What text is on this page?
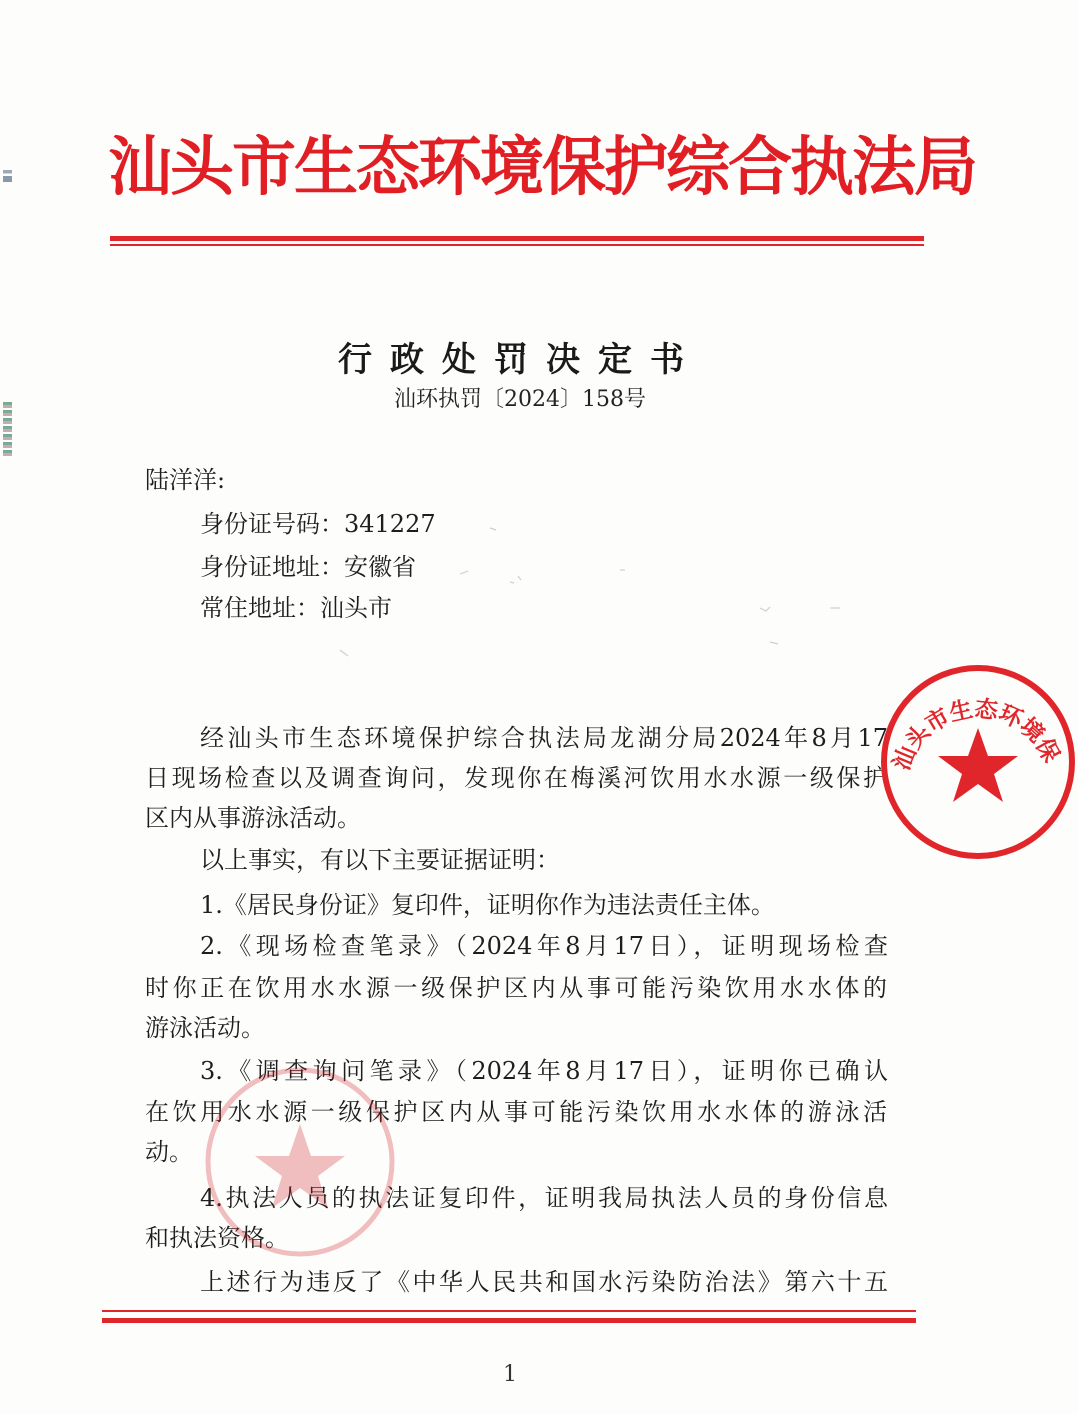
汕头市生态环境保护综合执法局
行政处罚决定书
汕环执罚〔2024〕158号
陆洋洋:
身份证号码：341227
身份证地址：安徽省
常住地址：汕头市
经汕头市生态环境保护综合执法局龙湖分局2024年8月17
日现场检查以及调查询问，发现你在梅溪河饮用水水源一级保护
区内从事游泳活动。
以上事实，有以下主要证据证明：
1.《居民身份证》复印件，证明你作为违法责任主体。
2.《现场检查笔录》（2024年8月17日），证明现场检查
时你正在饮用水水源一级保护区内从事可能污染饮用水水体的
游泳活动。
3.《调查询问笔录》（2024年8月17日），证明你已确认
在饮用水水源一级保护区内从事可能污染饮用水水体的游泳活
动。
4.执法人员的执法证复印件，证明我局执法人员的身份信息
和执法资格。
上述行为违反了《中华人民共和国水污染防治法》第六十五
汕头市生态环境保
1
